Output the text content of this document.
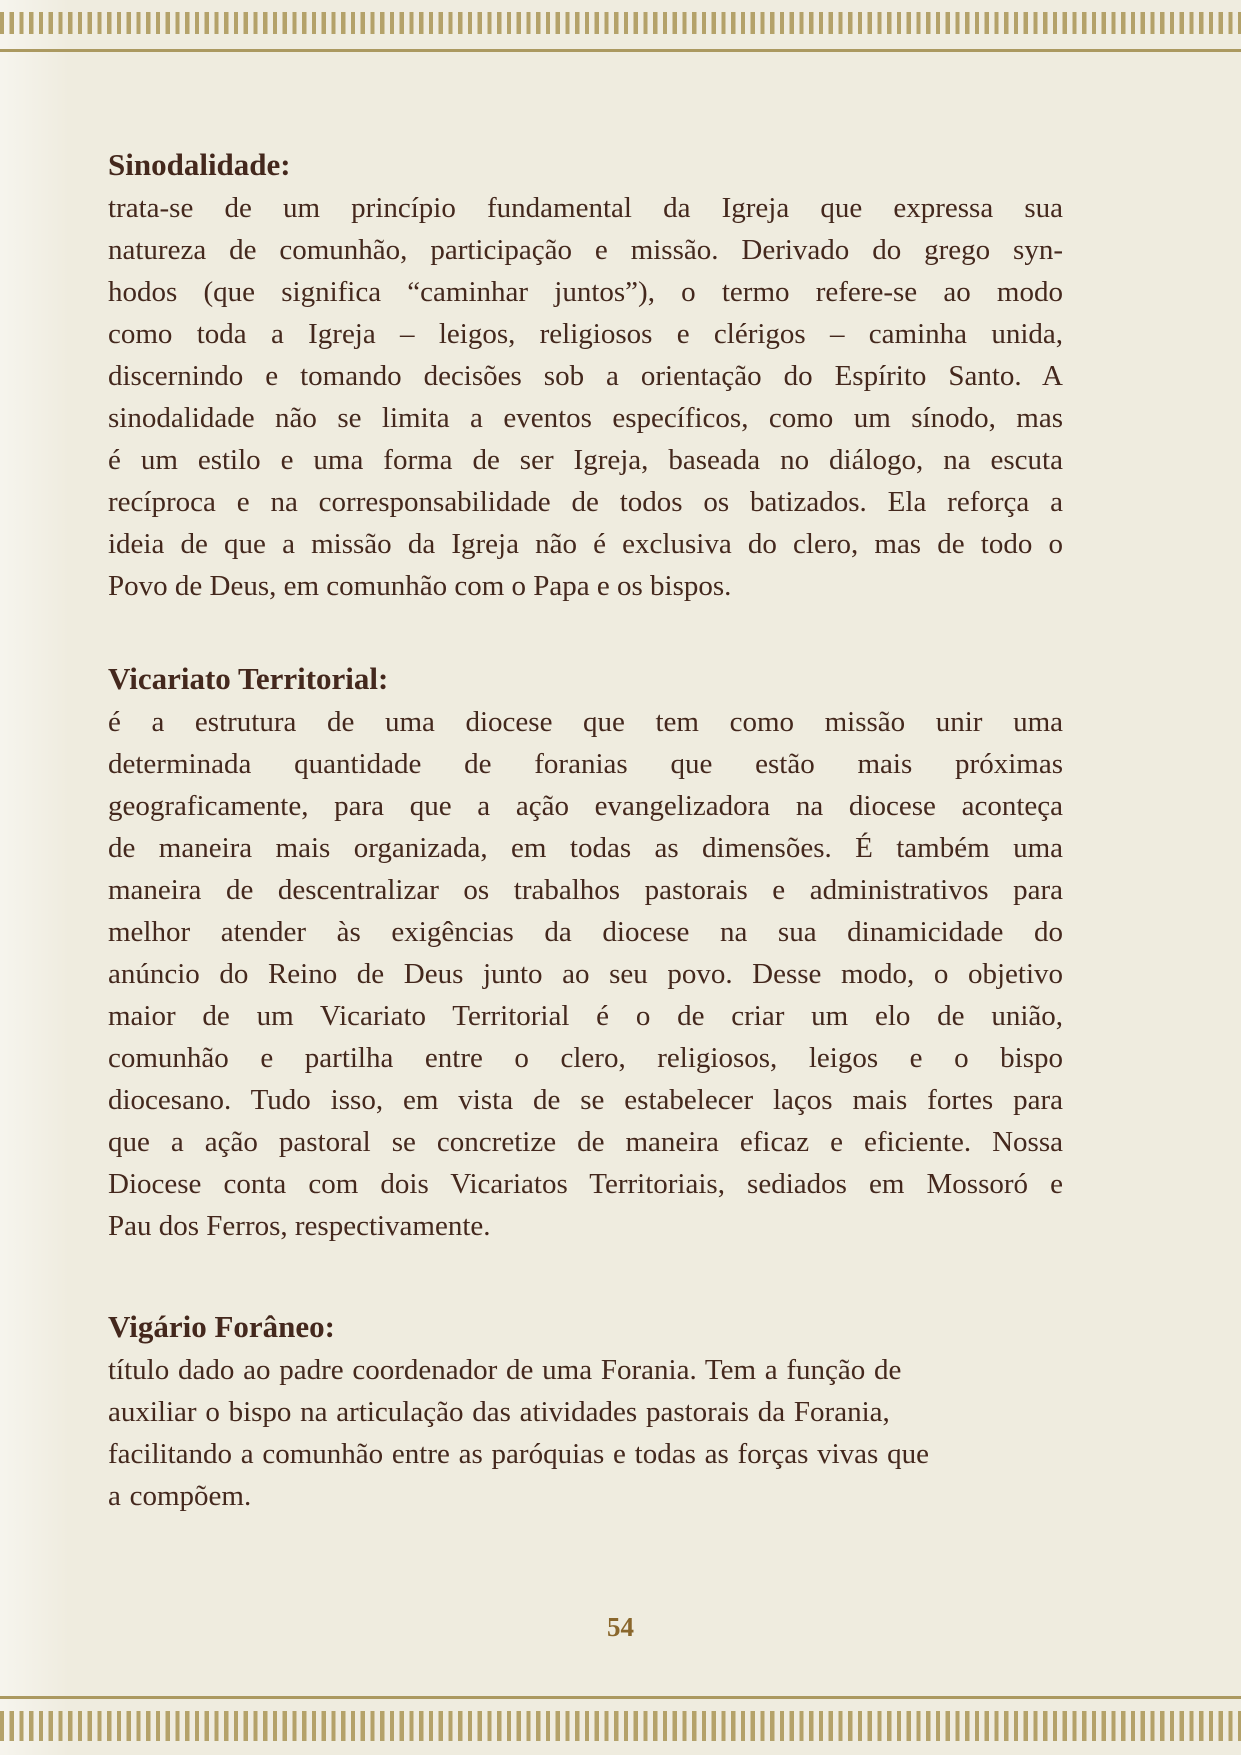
Sinodalidade:
trata-se de um princípio fundamental da Igreja que expressa sua
natureza de comunhão, participação e missão. Derivado do grego syn-
hodos (que significa “caminhar juntos”), o termo refere-se ao modo
como toda a Igreja – leigos, religiosos e clérigos – caminha unida,
discernindo e tomando decisões sob a orientação do Espírito Santo. A
sinodalidade não se limita a eventos específicos, como um sínodo, mas
é um estilo e uma forma de ser Igreja, baseada no diálogo, na escuta
recíproca e na corresponsabilidade de todos os batizados. Ela reforça a
ideia de que a missão da Igreja não é exclusiva do clero, mas de todo o
Povo de Deus, em comunhão com o Papa e os bispos.
Vicariato Territorial:
é a estrutura de uma diocese que tem como missão unir uma
determinada quantidade de foranias que estão mais próximas
geograficamente, para que a ação evangelizadora na diocese aconteça
de maneira mais organizada, em todas as dimensões. É também uma
maneira de descentralizar os trabalhos pastorais e administrativos para
melhor atender às exigências da diocese na sua dinamicidade do
anúncio do Reino de Deus junto ao seu povo. Desse modo, o objetivo
maior de um Vicariato Territorial é o de criar um elo de união,
comunhão e partilha entre o clero, religiosos, leigos e o bispo
diocesano. Tudo isso, em vista de se estabelecer laços mais fortes para
que a ação pastoral se concretize de maneira eficaz e eficiente. Nossa
Diocese conta com dois Vicariatos Territoriais, sediados em Mossoró e
Pau dos Ferros, respectivamente.
Vigário Forâneo:
título dado ao padre coordenador de uma Forania. Tem a função de
auxiliar o bispo na articulação das atividades pastorais da Forania,
facilitando a comunhão entre as paróquias e todas as forças vivas que
a compõem.
54
